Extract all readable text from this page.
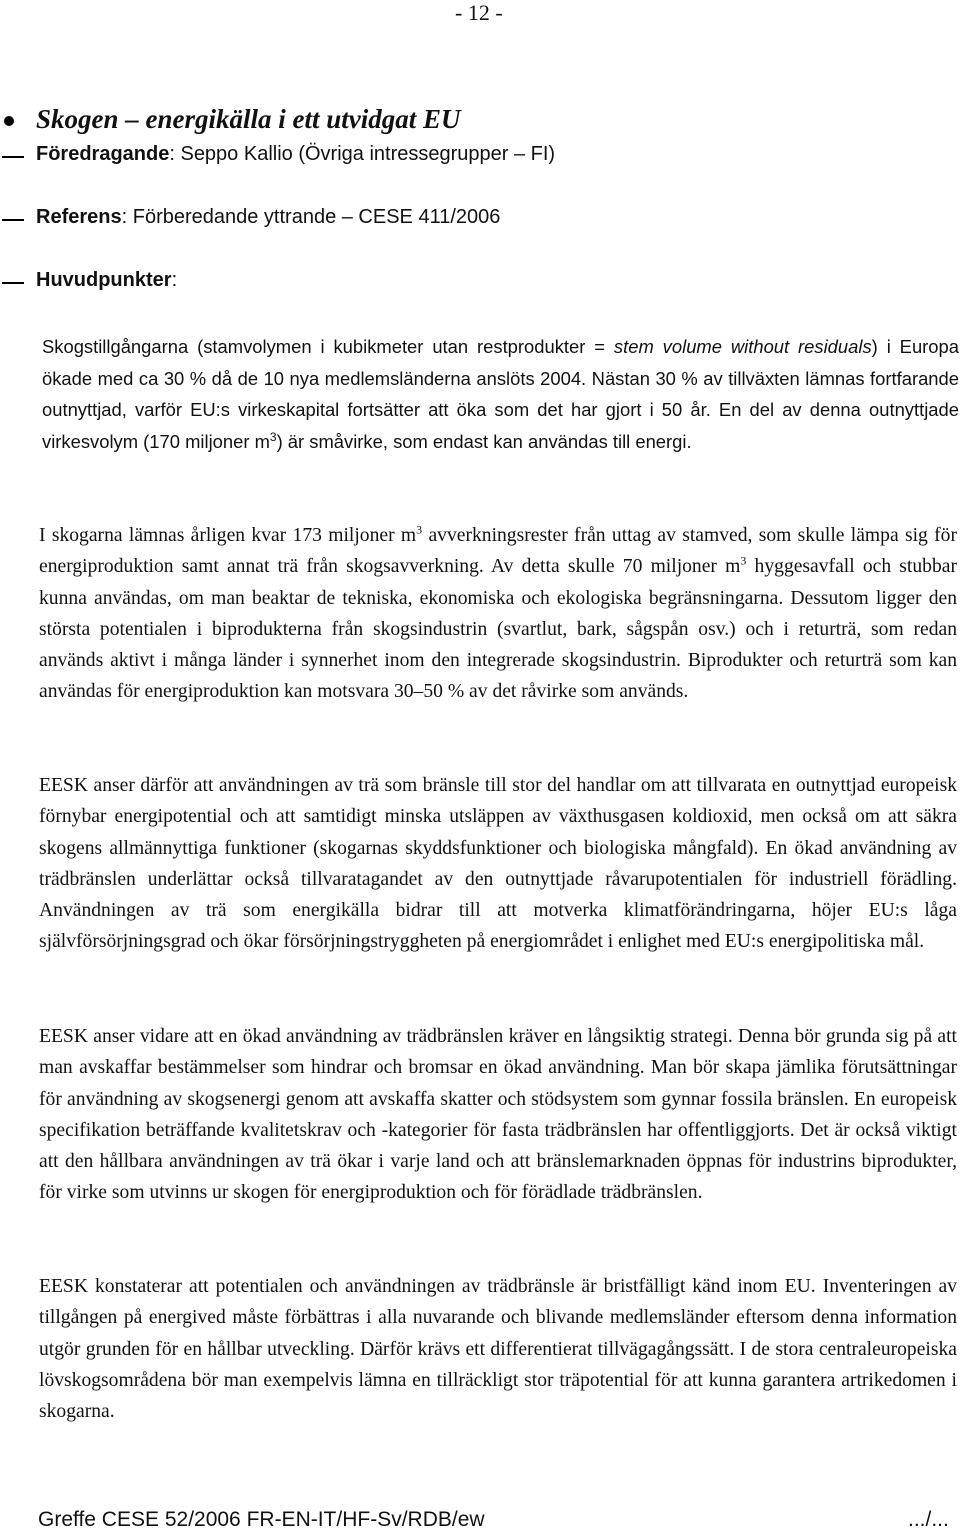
- 12 -
Skogen – energikälla i ett utvidgat EU
Föredragande: Seppo Kallio (Övriga intressegrupper – FI)
Referens: Förberedande yttrande – CESE 411/2006
Huvudpunkter:
Skogstillgångarna (stamvolymen i kubikmeter utan restprodukter = stem volume without residuals) i Europa ökade med ca 30 % då de 10 nya medlemsländerna anslöts 2004. Nästan 30 % av tillväxten lämnas fortfarande outnyttjad, varför EU:s virkeskapital fortsätter att öka som det har gjort i 50 år. En del av denna outnyttjade virkesvolym (170 miljoner $m^3$) är småvirke, som endast kan användas till energi.
I skogarna lämnas årligen kvar 173 miljoner $m^3$ avverkningsrester från uttag av stamved, som skulle lämpa sig för energiproduktion samt annat trä från skogsavverkning. Av detta skulle 70 miljoner $m^3$ hyggesavfall och stubbar kunna användas, om man beaktar de tekniska, ekonomiska och ekologiska begränsningarna. Dessutom ligger den största potentialen i biprodukterna från skogsindustrin (svartlut, bark, sågspån osv.) och i returträ, som redan används aktivt i många länder i synnerhet inom den integrerade skogsindustrin. Biprodukter och returträ som kan användas för energiproduktion kan motsvara 30–50 % av det råvirke som används.
EESK anser därför att användningen av trä som bränsle till stor del handlar om att tillvarata en outnyttjad europeisk förnybar energipotential och att samtidigt minska utsläppen av växthusgasen koldioxid, men också om att säkra skogens allmännyttiga funktioner (skogarnas skyddsfunktioner och biologiska mångfald). En ökad användning av trädbränslen underlättar också tillvaratagandet av den outnyttjade råvarupotentialen för industriell förädling. Användningen av trä som energikälla bidrar till att motverka klimatförändringarna, höjer EU:s låga självförsörjningsgrad och ökar försörjningstryggheten på energiområdet i enlighet med EU:s energipolitiska mål.
EESK anser vidare att en ökad användning av trädbränslen kräver en långsiktig strategi. Denna bör grunda sig på att man avskaffar bestämmelser som hindrar och bromsar en ökad användning. Man bör skapa jämlika förutsättningar för användning av skogsenergi genom att avskaffa skatter och stödsystem som gynnar fossila bränslen. En europeisk specifikation beträffande kvalitetskrav och -kategorier för fasta trädbränslen har offentliggjorts. Det är också viktigt att den hållbara användningen av trä ökar i varje land och att bränslemarknaden öppnas för industrins biprodukter, för virke som utvinns ur skogen för energiproduktion och för förädlade trädbränslen.
EESK konstaterar att potentialen och användningen av trädbränsle är bristfälligt känd inom EU. Inventeringen av tillgången på energived måste förbättras i alla nuvarande och blivande medlemsländer eftersom denna information utgör grunden för en hållbar utveckling. Därför krävs ett differentierat tillvägagångssätt. I de stora centraleuropeiska lövskogsområdena bör man exempelvis lämna en tillräckligt stor träpotential för att kunna garantera artrikedomen i skogarna.
Greffe CESE 52/2006 FR-EN-IT/HF-Sv/RDB/ew	.../...
